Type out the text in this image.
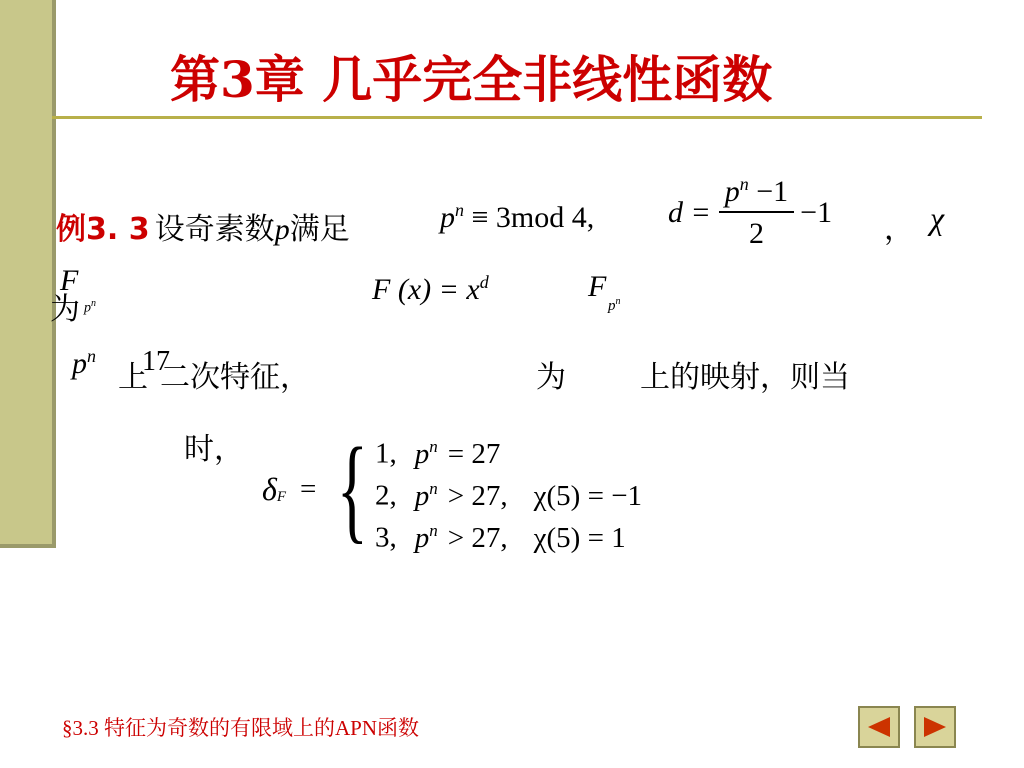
第3章 几乎完全非线性函数
例3. 3 设奇素数p满足	$p^n \equiv 3mod$ 4, $d = \frac{p^n -1}{2} -1$ ， χ
为
F
$p^n$	F $(x) = x^d$	F
$p^n$
$p^n$
上
17
二次特征，	为 上的映射，则当
时，
$\delta_F$ = { 1, $p^n = 27$
2, $p^n > 27$, χ(5) = −1
3, $p^n > 27$, χ(5) = 1
§3.3 特征为奇数的有限域上的APN函数
